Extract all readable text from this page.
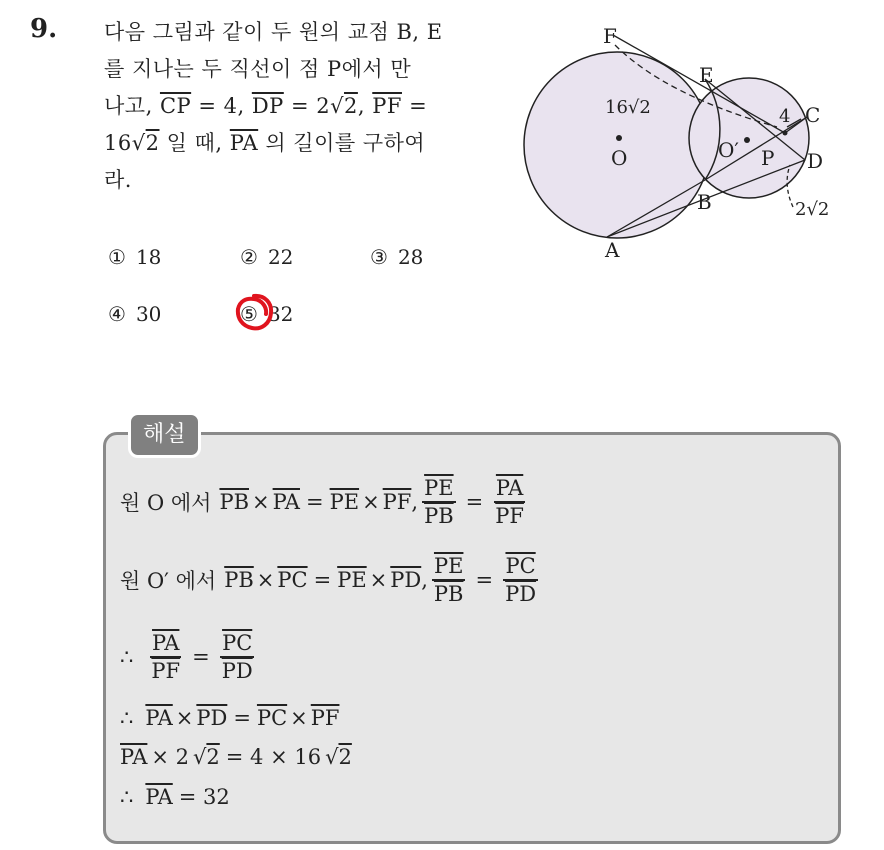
9. 다음 그림과 같이 두 원의 교점 B, E
를 지나는 두 직선이 점 P에서 만
나고, $\overline{CP} = 4$, $\overline{DP} = 2√2$, $\overline{PF}$ =
16√2 일 때, $\overline{PA}$ 의 길이를 구하여
라.
① 18	② 22	③ 28
④ 30	⑤ 32
F
E
C
O	O′ P D
B
A
16√2	4
2√2
해설
원 O 에서 $\overline{PB} \times \overline{PA} = \overline{PE} \times \overline{PF}$ , $\frac{\overline{PE}}{PB} = \frac{\overline{PA}}{PF}$
원 O′ 에서 $\overline{PB} \times \overline{PC} = \overline{PE} \times \overline{PD}$ , $\frac{\overline{PE}}{PB} = \frac{\overline{PC}}{PD}$
∴ $\frac{\overline{PA}}{PF} = \frac{\overline{PC}}{PD}$
∴ $\overline{PA} \times \overline{PD} = \overline{PC} \times \overline{PF}$
$\overline{PA} \times 2$ √ 2 = 4 × 16 √ 2
∴ $\overline{PA} = 32$
